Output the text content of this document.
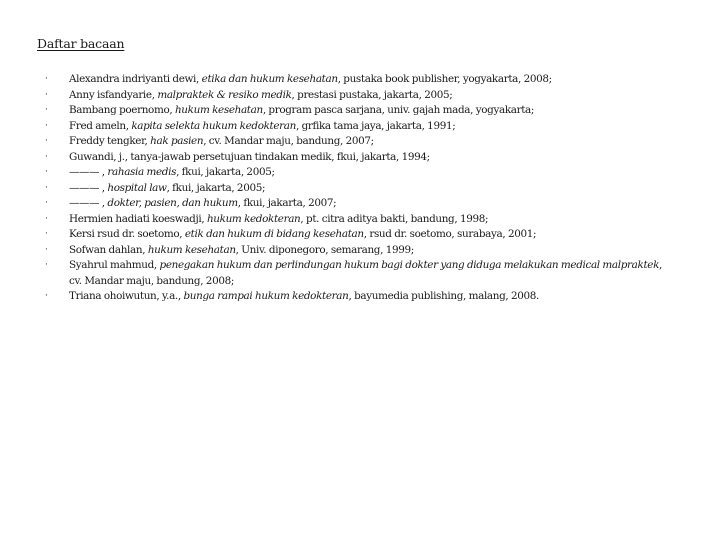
Daftar bacaan
· Alexandra indriyanti dewi, etika dan hukum kesehatan, pustaka book publisher, yogyakarta, 2008;
· Anny isfandyarie, malpraktek & resiko medik, prestasi pustaka, jakarta, 2005;
· Bambang poernomo, hukum kesehatan, program pasca sarjana, univ. gajah mada, yogyakarta;
· Fred ameln, kapita selekta hukum kedokteran, grfika tama jaya, jakarta, 1991;
· Freddy tengker, hak pasien, cv. Mandar maju, bandung, 2007;
· Guwandi, j., tanya-jawab persetujuan tindakan medik, fkui, jakarta, 1994;
· ——— , rahasia medis, fkui, jakarta, 2005;
· ——— , hospital law, fkui, jakarta, 2005;
· ——— , dokter, pasien, dan hukum, fkui, jakarta, 2007;
· Hermien hadiati koeswadji, hukum kedokteran, pt. citra aditya bakti, bandung, 1998;
· Kersi rsud dr. soetomo, etik dan hukum di bidang kesehatan, rsud dr. soetomo, surabaya, 2001;
· Sofwan dahlan, hukum kesehatan, Univ. diponegoro, semarang, 1999;
· Syahrul mahmud, penegakan hukum dan perlindungan hukum bagi dokter yang diduga melakukan medical malpraktek,
cv. Mandar maju, bandung, 2008;
· Triana ohoiwutun, y.a., bunga rampai hukum kedokteran, bayumedia publishing, malang, 2008.
